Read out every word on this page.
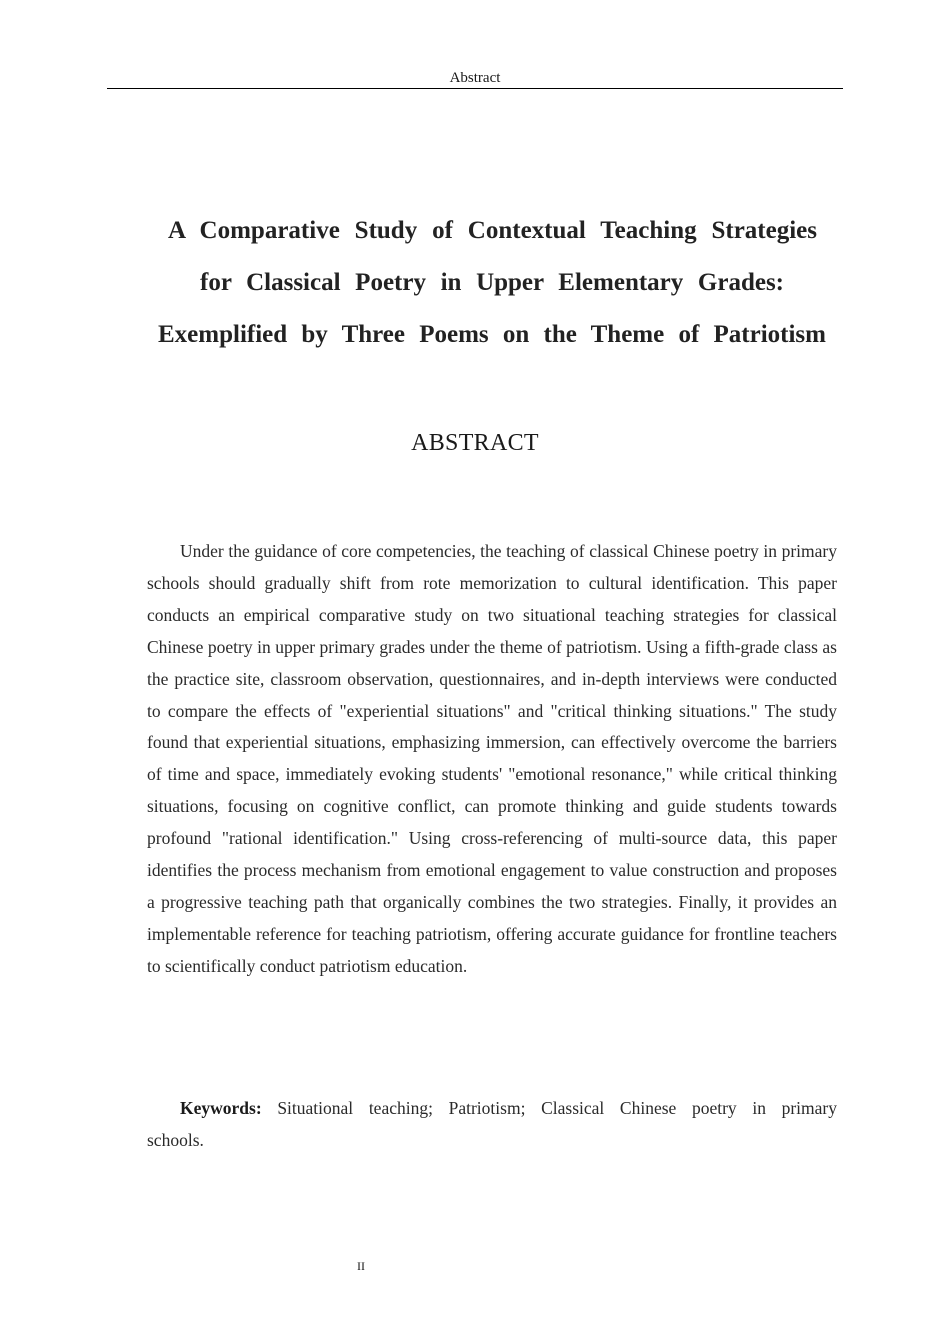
Abstract
A Comparative Study of Contextual Teaching Strategies
for Classical Poetry in Upper Elementary Grades:
Exemplified by Three Poems on the Theme of Patriotism
ABSTRACT

Under the guidance of core competencies, the teaching of classical Chinese poetry in primary schools should gradually shift from rote memorization to cultural identification. This paper conducts an empirical comparative study on two situational teaching strategies for classical Chinese poetry in upper primary grades under the theme of patriotism. Using a fifth-grade class as the practice site, classroom observation, questionnaires, and in-depth interviews were conducted to compare the effects of "experiential situations" and "critical thinking situations." The study found that experiential situations, emphasizing immersion, can effectively overcome the barriers of time and space, immediately evoking students' "emotional resonance," while critical thinking situations, focusing on cognitive conflict, can promote thinking and guide students towards profound "rational identification." Using cross-referencing of multi-source data, this paper identifies the process mechanism from emotional engagement to value construction and proposes a progressive teaching path that organically combines the two strategies. Finally, it provides an implementable reference for teaching patriotism, offering accurate guidance for frontline teachers to scientifically conduct patriotism education.

Keywords: Situational teaching; Patriotism; Classical Chinese poetry in primary schools.

II
